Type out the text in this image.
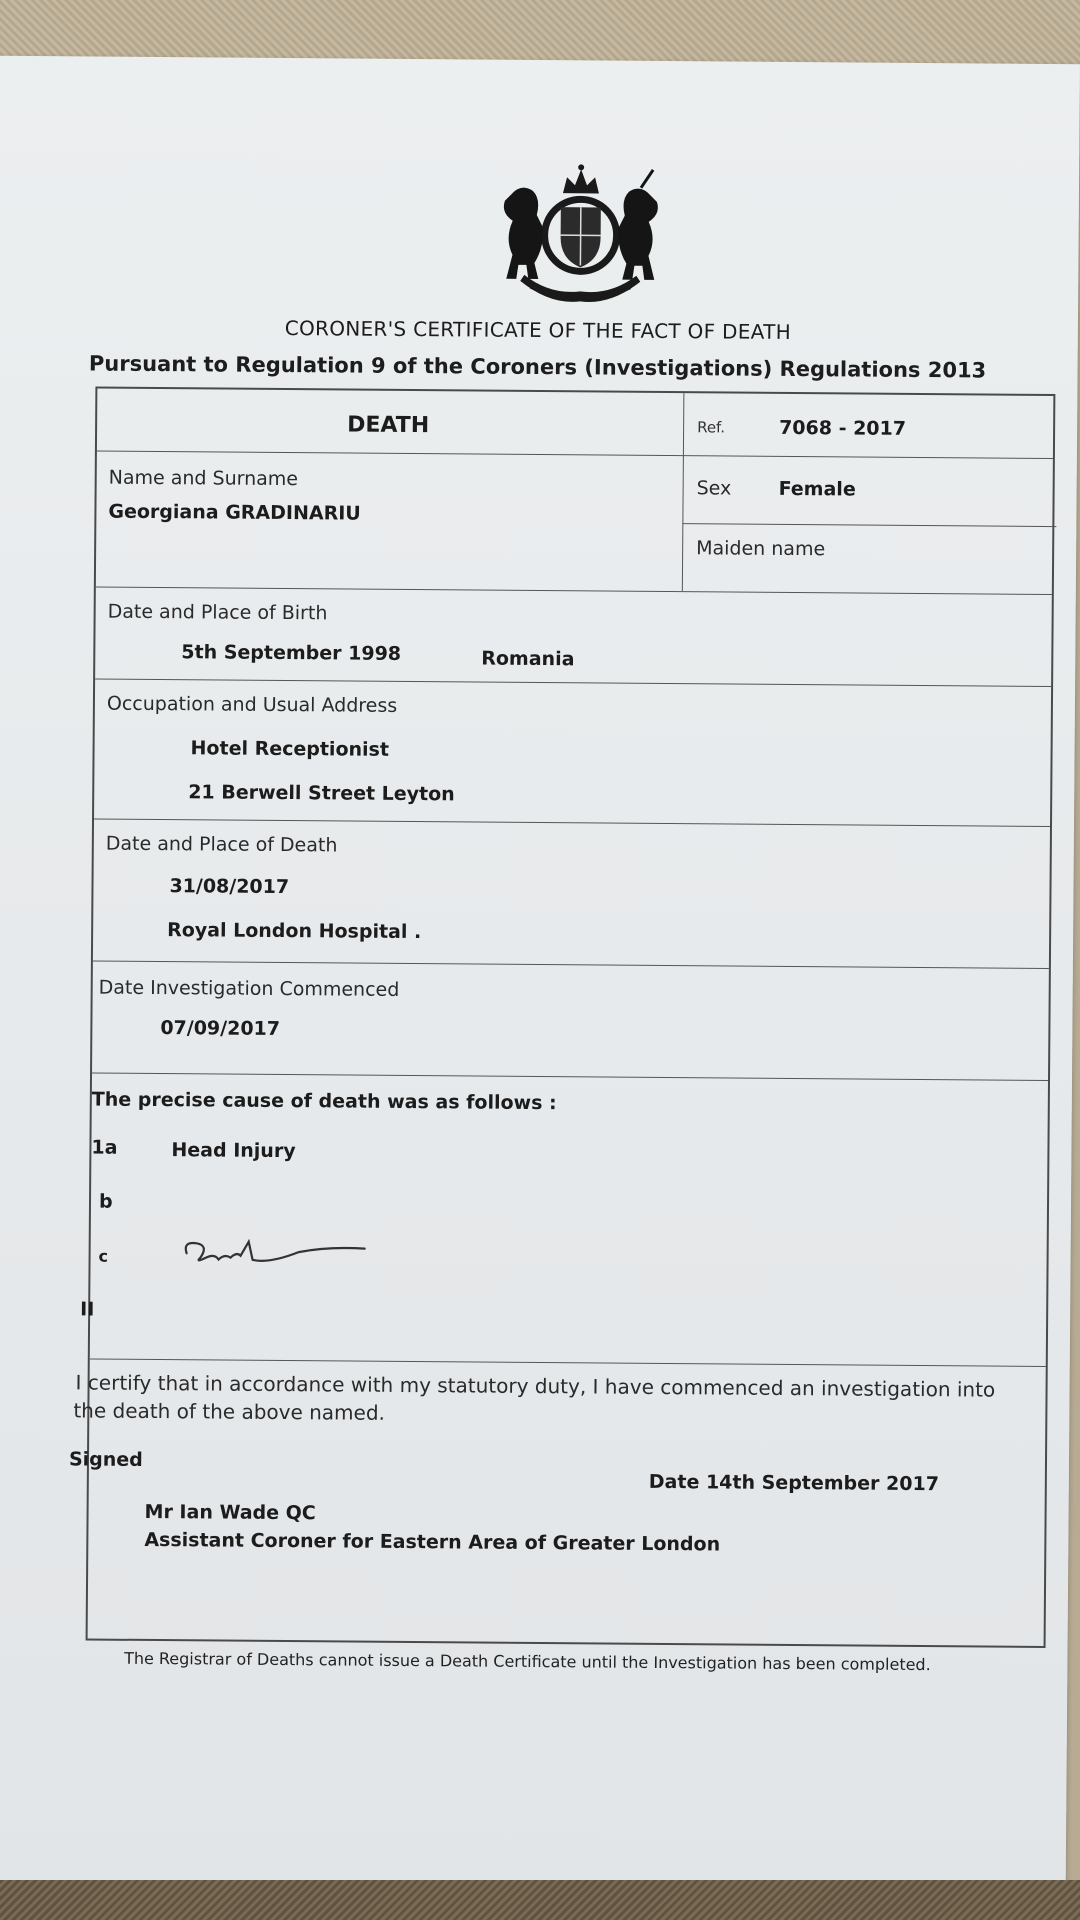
CORONER'S CERTIFICATE OF THE FACT OF DEATH
Pursuant to Regulation 9 of the Coroners (Investigations) Regulations 2013
DEATH	Ref.	7068 - 2017
Name and Surname
Georgiana GRADINARIU
Sex Female
Maiden name
Date and Place of Birth
5th September 1998	Romania
Occupation and Usual Address
Hotel Receptionist
21 Berwell Street Leyton
Date and Place of Death
31/08/2017
Royal London Hospital .
Date Investigation Commenced
07/09/2017
The precise cause of death was as follows :
1a	Head Injury
b
c
II
I certify that in accordance with my statutory duty, I have commenced an investigation into
the death of the above named.
Signed
Date 14th September 2017
Mr Ian Wade QC
Assistant Coroner for Eastern Area of Greater London
The Registrar of Deaths cannot issue a Death Certificate until the Investigation has been completed.
